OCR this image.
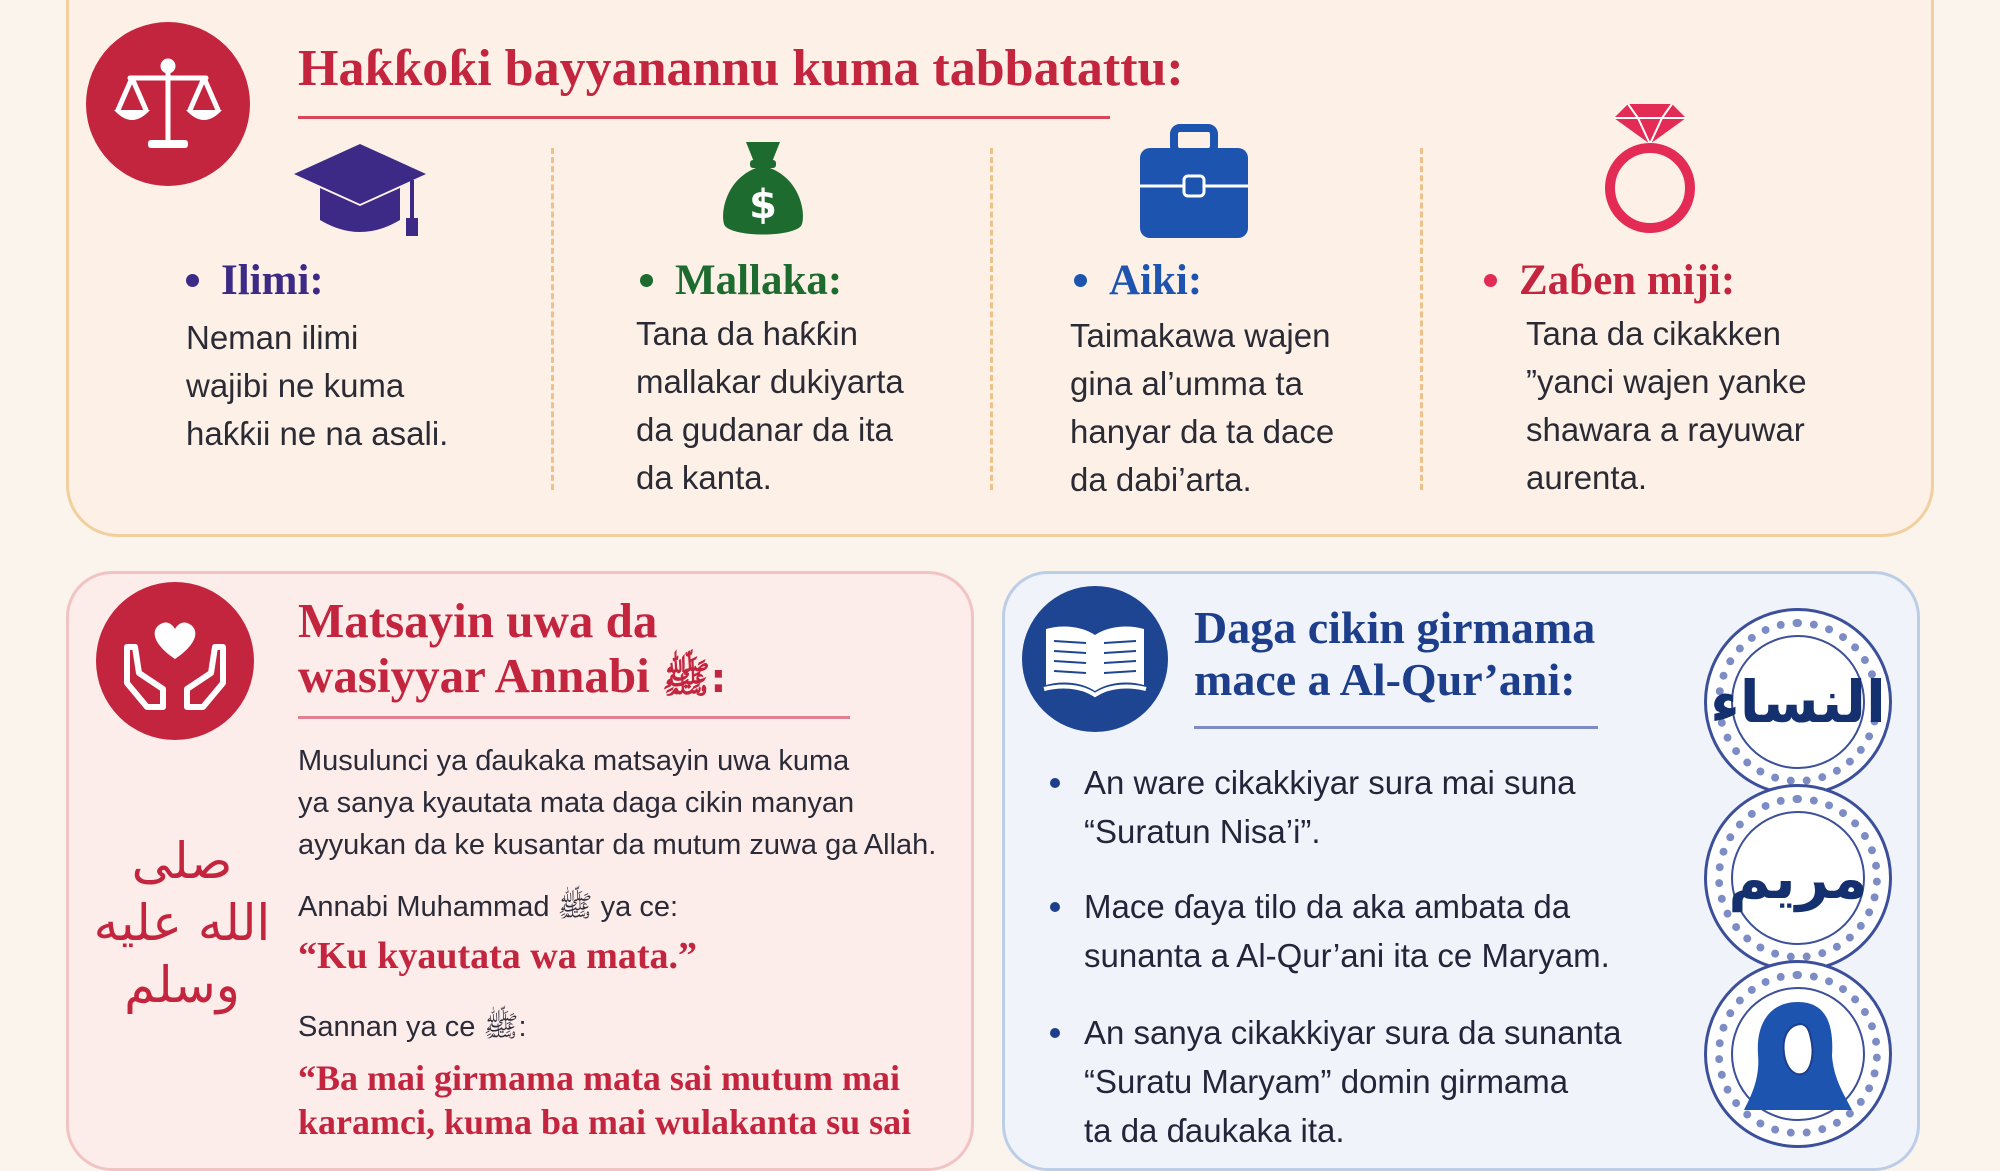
Haƙƙoƙi bayyanannu kuma tabbatattu:
$
Ilimi:	Mallaka:	Aiki:	Zaɓen miji:
Neman ilimi
wajibi ne kuma
haƙƙii ne na asali.
Tana da haƙƙin
mallakar dukiyarta
da gudanar da ita
da kanta.
Taimakawa wajen
gina al’umma ta
hanyar da ta dace
da dabi’arta.
Tana da cikakken
”yanci wajen yanke
shawara a rayuwar
aurenta.
Matsayin uwa da
wasiyyar Annabi ﷺ:
Musulunci ya ɗaukaka matsayin uwa kuma
ya sanya kyautata mata daga cikin manyan
ayyukan da ke kusantar da mutum zuwa ga Allah.
Annabi Muhammad ﷺ ya ce:
“Ku kyautata wa mata.”
Sannan ya ce ﷺ:
“Ba mai girmama mata sai mutum mai
karamci, kuma ba mai wulakanta su sai
صلى الله عليه وسلم
Daga cikin girmama
mace a Al-Qur’ani:
An ware cikakkiyar sura mai suna
“Suratun Nisa’i”.
Mace ɗaya tilo da aka ambata da
sunanta a Al-Qur’ani ita ce Maryam.
An sanya cikakkiyar sura da sunanta
“Suratu Maryam” domin girmama
ta da ɗaukaka ita.
النساء
مريم
